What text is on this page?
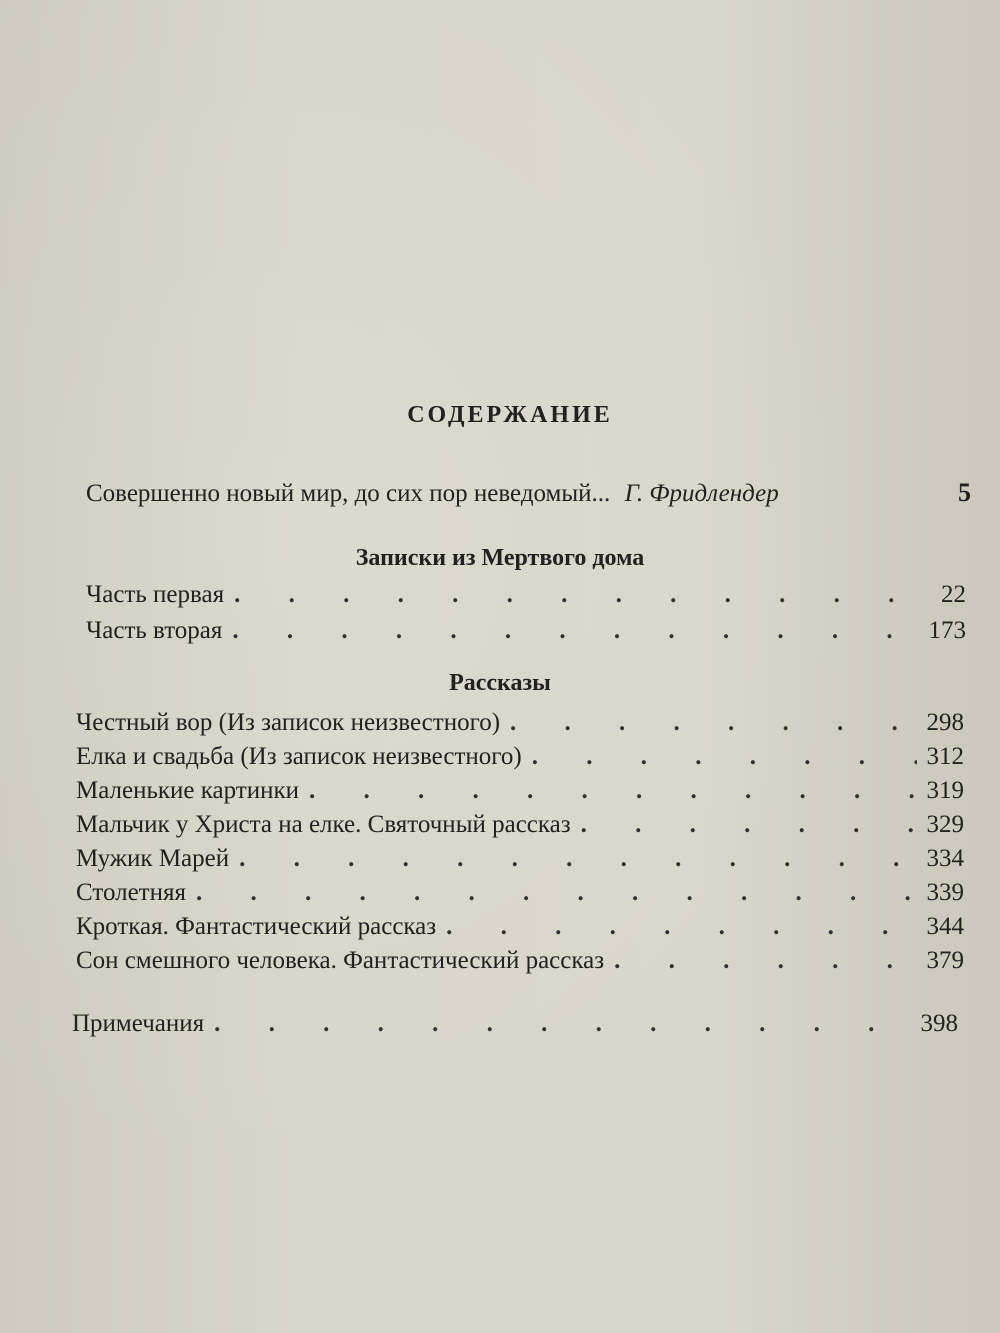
СОДЕРЖАНИЕ
Совершенно новый мир, до сих пор неведомый... Г. Фридлендер	5
Записки из Мертвого дома
Часть первая . . .	22
Часть вторая . . .	173
Рассказы
Честный вор (Из записок неизвестного) . . .	298
Елка и свадьба (Из записок неизвестного) . . .	312
Маленькие картинки . . .	319
Мальчик у Христа на елке. Святочный рассказ . . .	329
Мужик Марей . . .	334
Столетняя . . .	339
Кроткая. Фантастический рассказ . . .	344
Сон смешного человека. Фантастический рассказ . . .	379
Примечания . . .	398
